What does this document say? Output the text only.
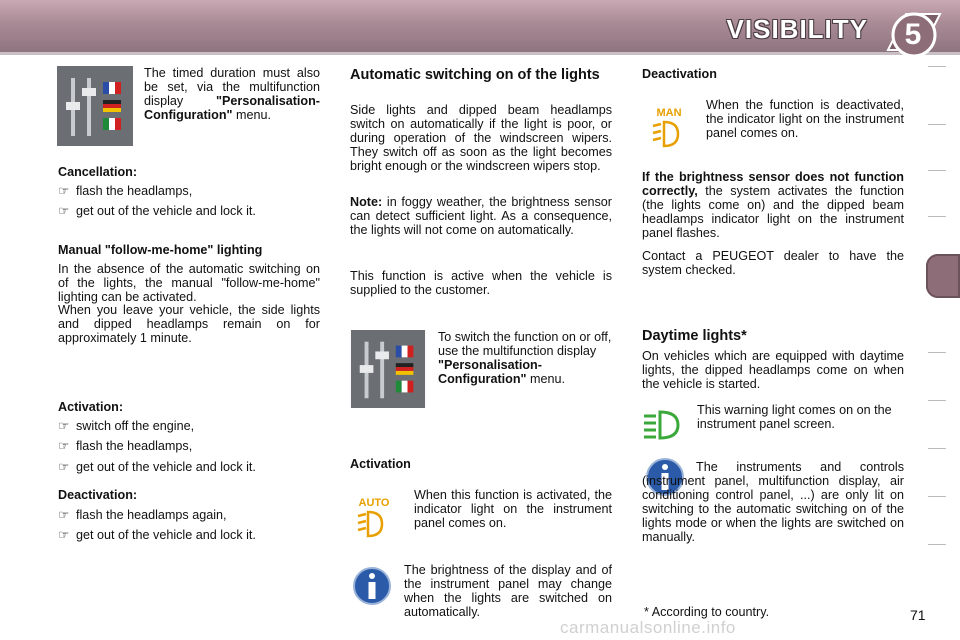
VISIBILITY	5
The timed duration must also be set, via the multifunction display	"Personalisation-Configuration" menu.
Cancellation:
☞ flash the headlamps,
☞ get out of the vehicle and lock it.
Manual "follow-me-home" lighting
In the absence of the automatic switching on of the lights, the manual "follow-me-home" lighting can be activated.
When you leave your vehicle, the side lights and dipped headlamps remain on for approximately 1 minute.
Activation:
☞ switch off the engine,
☞ flash the headlamps,
☞ get out of the vehicle and lock it.
Deactivation:
☞ flash the headlamps again,
☞ get out of the vehicle and lock it.
Automatic switching on of the lights
Side lights and dipped beam headlamps switch on automatically if the light is poor, or during operation of the windscreen wipers. They switch off as soon as the light becomes bright enough or the windscreen wipers stop.
Note: in foggy weather, the brightness sensor can detect sufficient light. As a consequence, the lights will not come on automatically.
This function is active when the vehicle is supplied to the customer.
To switch the function on or off, use the multifunction display "Personalisation-Configuration" menu.
Activation
AUTO
When this function is activated, the indicator light on the instrument panel comes on.
The brightness of the display and of the instrument panel may change when the lights are switched on automatically.
Deactivation
MAN
When the function is deactivated, the indicator light on the instrument panel comes on.
If the brightness sensor does not function correctly, the system activates the function (the lights come on) and the dipped beam headlamps indicator light on the instrument panel flashes.
Contact a PEUGEOT dealer to have the system checked.
Daytime lights*
On vehicles which are equipped with daytime lights, the dipped headlamps come on when the vehicle is started.
This warning light comes on on the instrument panel screen.
The instruments and controls (instrument panel, multifunction display, air conditioning control panel, ...) are only lit on switching to the automatic switching on of the lights mode or when the lights are switched on manually.
* According to country.	71
carmanualsonline.info
